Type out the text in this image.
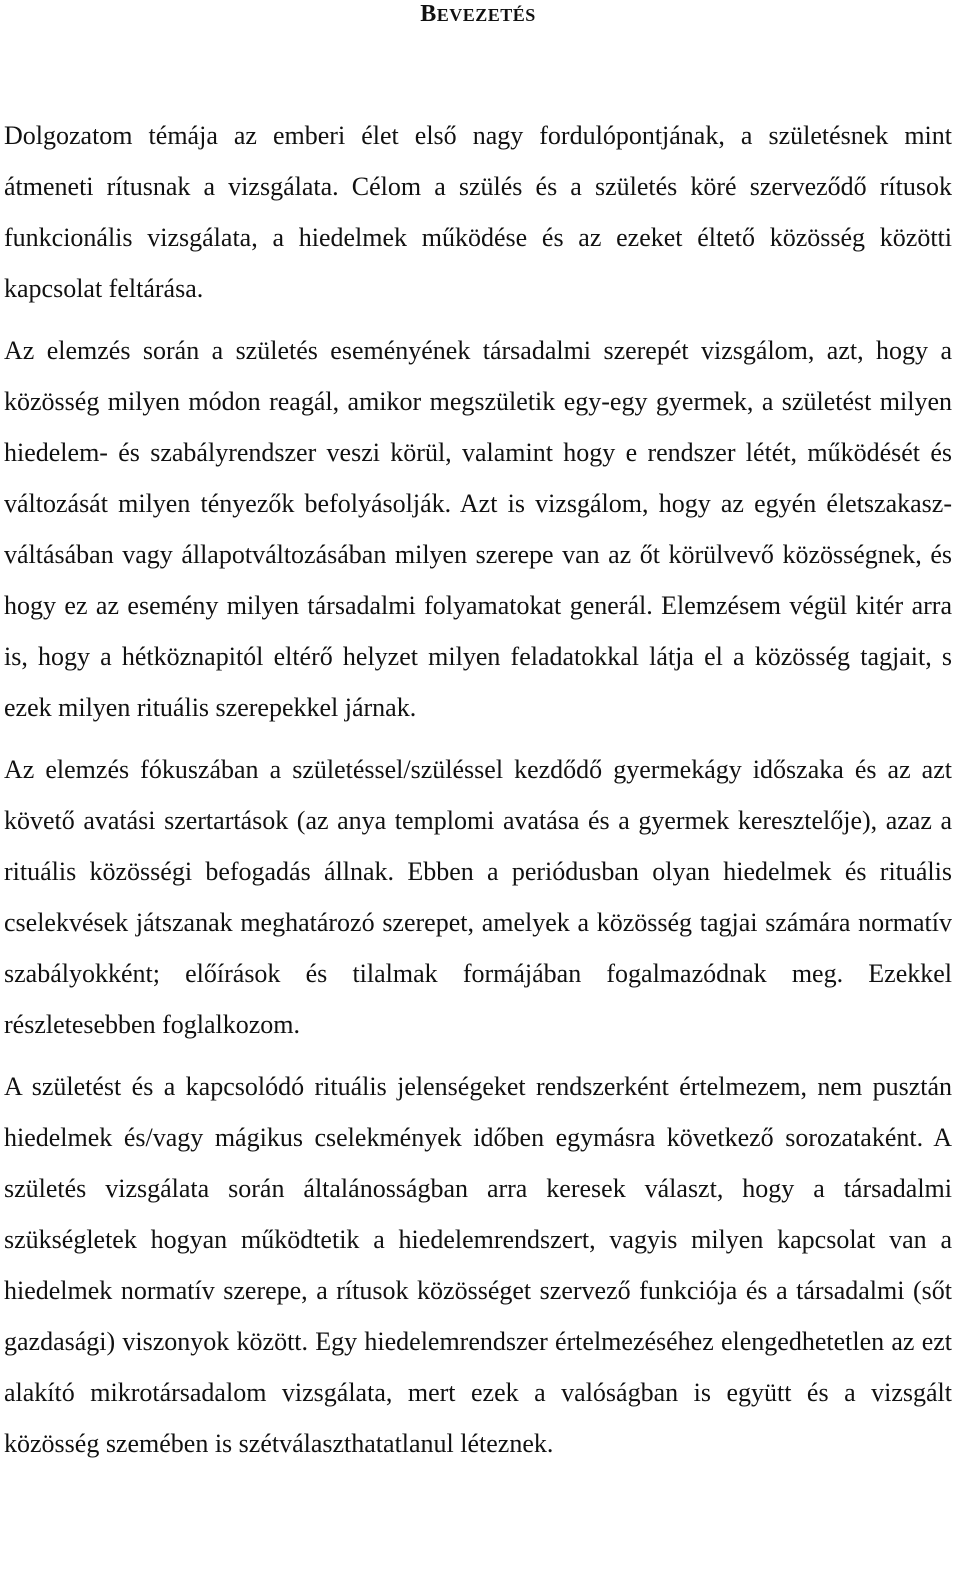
BEVEZETÉS

Dolgozatom témája az emberi élet első nagy fordulópontjának, a születésnek mint átmeneti rítusnak a vizsgálata. Célom a szülés és a születés köré szerveződő rítusok funkcionális vizsgálata, a hiedelmek működése és az ezeket éltető közösség közötti kapcsolat feltárása.

Az elemzés során a születés eseményének társadalmi szerepét vizsgálom, azt, hogy a közösség milyen módon reagál, amikor megszületik egy-egy gyermek, a születést milyen hiedelem- és szabályrendszer veszi körül, valamint hogy e rendszer létét, működését és változását milyen tényezők befolyásolják. Azt is vizsgálom, hogy az egyén életszakasz-váltásában vagy állapotváltozásában milyen szerepe van az őt körülvevő közösségnek, és hogy ez az esemény milyen társadalmi folyamatokat generál. Elemzésem végül kitér arra is, hogy a hétköznapitól eltérő helyzet milyen feladatokkal látja el a közösség tagjait, s ezek milyen rituális szerepekkel járnak.

Az elemzés fókuszában a születéssel/szüléssel kezdődő gyermekágy időszaka és az azt követő avatási szertartások (az anya templomi avatása és a gyermek keresztelője), azaz a rituális közösségi befogadás állnak. Ebben a periódusban olyan hiedelmek és rituális cselekvések játszanak meghatározó szerepet, amelyek a közösség tagjai számára normatív szabályokként; előírások és tilalmak formájában fogalmazódnak meg. Ezekkel részletesebben foglalkozom.

A születést és a kapcsolódó rituális jelenségeket rendszerként értelmezem, nem pusztán hiedelmek és/vagy mágikus cselekmények időben egymásra következő sorozataként. A születés vizsgálata során általánosságban arra keresek választ, hogy a társadalmi szükségletek hogyan működtetik a hiedelemrendszert, vagyis milyen kapcsolat van a hiedelmek normatív szerepe, a rítusok közösséget szervező funkciója és a társadalmi (sőt gazdasági) viszonyok között. Egy hiedelemrendszer értelmezéséhez elengedhetetlen az ezt alakító mikrotársadalom vizsgálata, mert ezek a valóságban is együtt és a vizsgált közösség szemében is szétválaszthatatlanul léteznek.
